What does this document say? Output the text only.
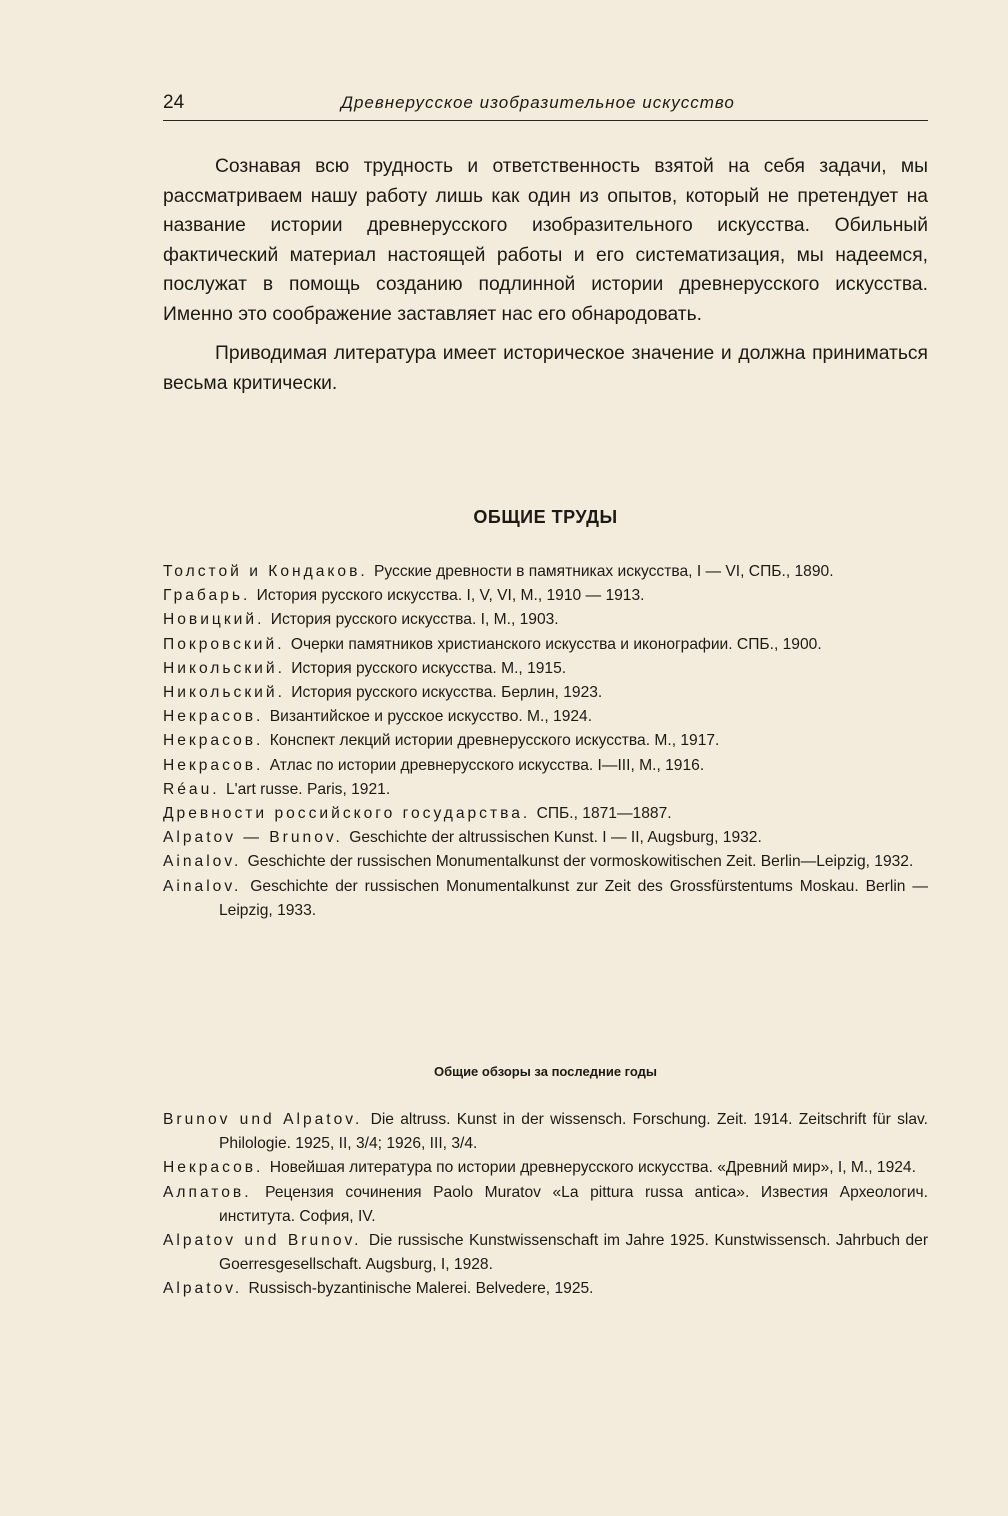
24	Древнерусское изобразительное искусство

Сознавая всю трудность и ответственность взятой на себя задачи, мы рассматриваем нашу работу лишь как один из опытов, который не претендует на название истории древнерусского изобразительного искусства. Обильный фактический материал настоящей работы и его систематизация, мы надеемся, послужат в помощь созданию подлинной истории древнерусского искусства. Именно это соображение заставляет нас его обнародовать.

Приводимая литература имеет историческое значение и должна приниматься весьма критически.

ОБЩИЕ ТРУДЫ
Толстой и Кондаков. Русские древности в памятниках искусства, I — VI, СПБ., 1890.
Грабарь. История русского искусства. I, V, VI, M., 1910 — 1913.
Новицкий. История русского искусства. I, M., 1903.
Покровский. Очерки памятников христианского искусства и иконографии. СПБ., 1900.
Никольский. История русского искусства. M., 1915.
Никольский. История русского искусства. Берлин, 1923.
Некрасов. Византийское и русское искусство. M., 1924.
Некрасов. Конспект лекций истории древнерусского искусства. M., 1917.
Некрасов. Атлас по истории древнерусского искусства. I—III, M., 1916.
Réau. L'art russe. Paris, 1921.
Древности российского государства. СПБ., 1871—1887.
Alpatov — Brunov. Geschichte der altrussischen Kunst. I — II, Augsburg, 1932.
Ainalov. Geschichte der russischen Monumentalkunst der vormoskowitischen Zeit. Berlin—Leipzig, 1932.
Ainalov. Geschichte der russischen Monumentalkunst zur Zeit des Grossfürstentums Moskau. Berlin — Leipzig, 1933.
Общие обзоры за последние годы
Brunov und Alpatov. Die altruss. Kunst in der wissensch. Forschung. Zeit. 1914. Zeitschrift für slav. Philologie. 1925, II, 3/4; 1926, III, 3/4.
Некрасов. Новейшая литература по истории древнерусского искусства. «Древний мир», I, M., 1924.
Алпатов. Рецензия сочинения Paolo Muratov «La pittura russa antica». Известия Археологич. института. София, IV.
Alpatov und Brunov. Die russische Kunstwissenschaft im Jahre 1925. Kunstwissensch. Jahrbuch der Goerresgesellschaft. Augsburg, I, 1928.
Alpatov. Russisch-byzantinische Malerei. Belvedere, 1925.
